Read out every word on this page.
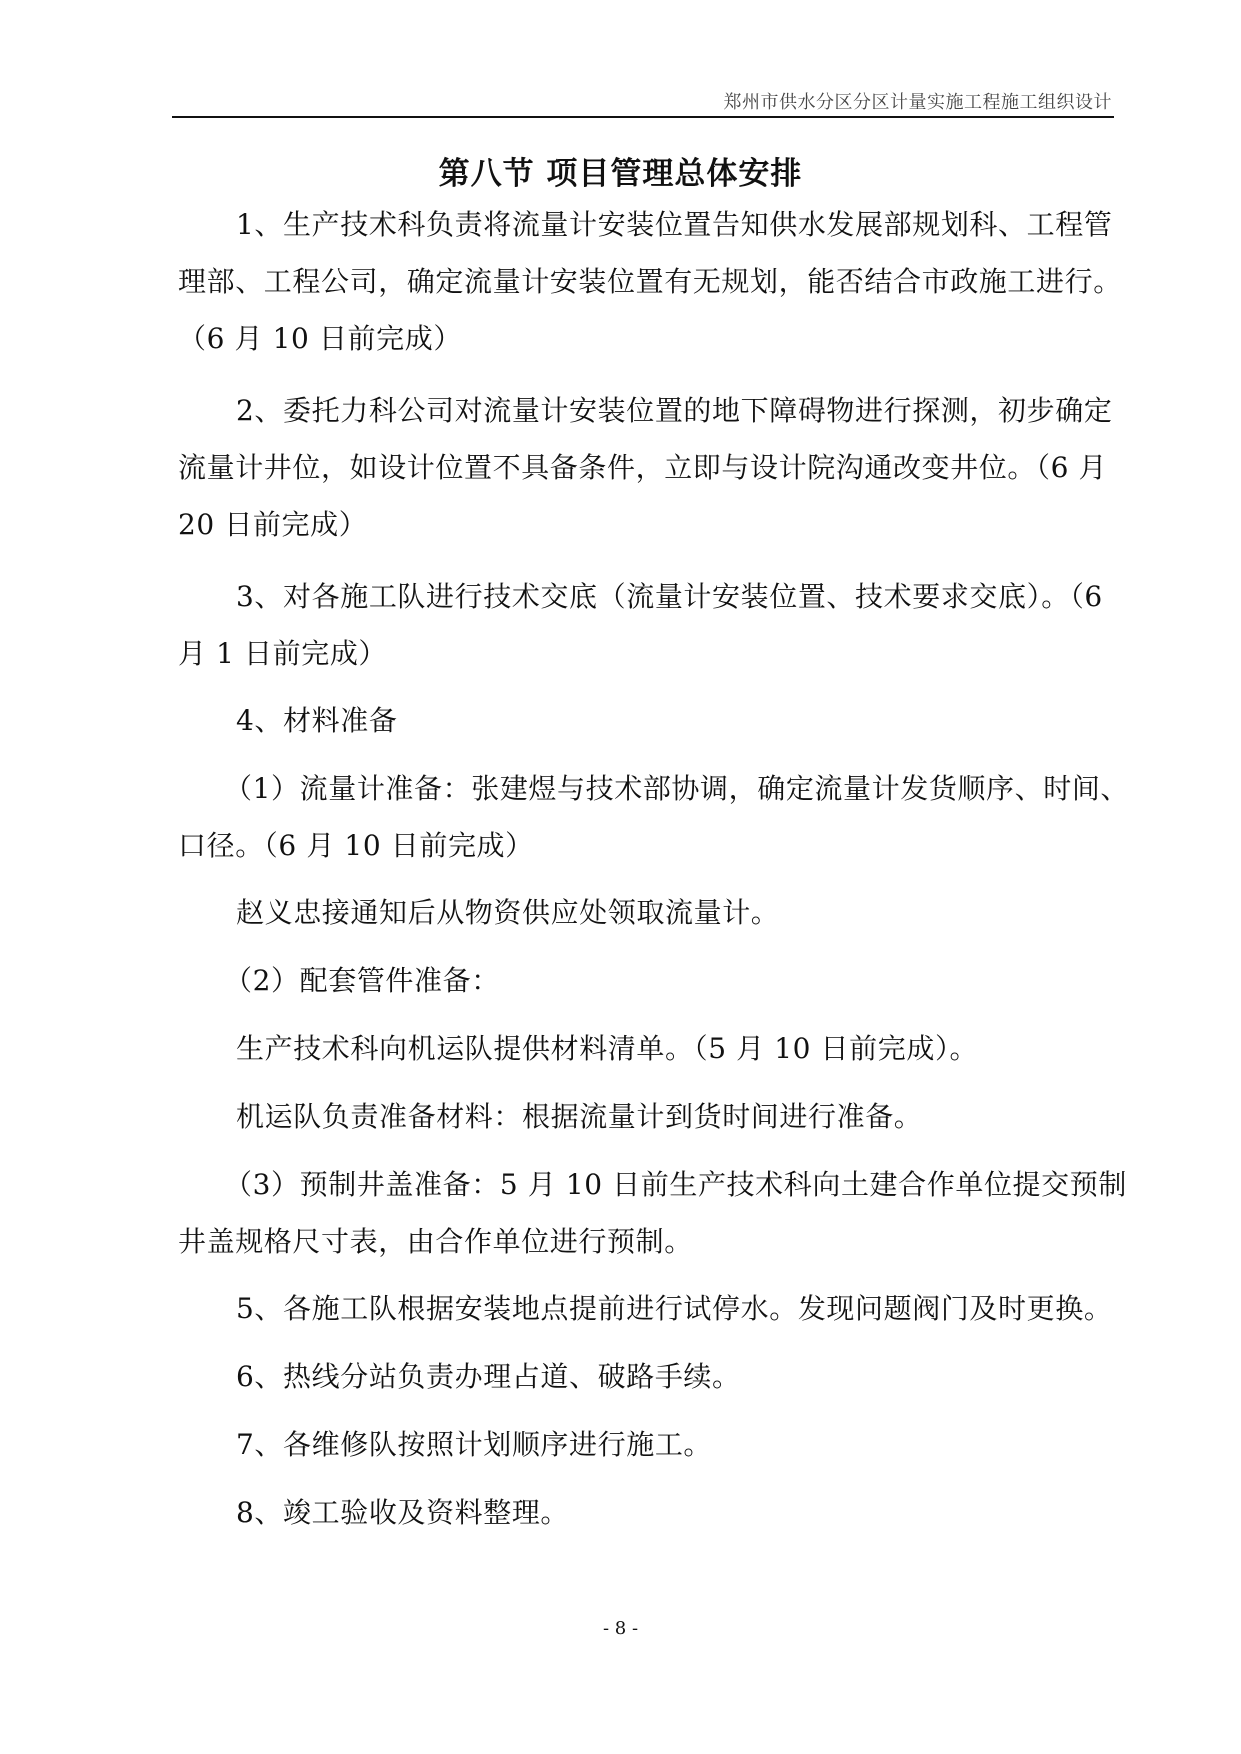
郑州市供水分区分区计量实施工程施工组织设计
第八节 项目管理总体安排

1、生产技术科负责将流量计安装位置告知供水发展部规划科、工程管
理部、工程公司，确定流量计安装位置有无规划，能否结合市政施工进行。
（6 月 10 日前完成）

2、委托力科公司对流量计安装位置的地下障碍物进行探测，初步确定
流量计井位，如设计位置不具备条件，立即与设计院沟通改变井位。（6 月
20 日前完成）

3、对各施工队进行技术交底（流量计安装位置、技术要求交底）。（6
月 1 日前完成）

4、材料准备

（1）流量计准备：张建煜与技术部协调，确定流量计发货顺序、时间、
口径。（6 月 10 日前完成）

赵义忠接通知后从物资供应处领取流量计。

（2）配套管件准备：

生产技术科向机运队提供材料清单。（5 月 10 日前完成）。

机运队负责准备材料：根据流量计到货时间进行准备。

（3）预制井盖准备：5 月 10 日前生产技术科向土建合作单位提交预制
井盖规格尺寸表，由合作单位进行预制。

5、各施工队根据安装地点提前进行试停水。发现问题阀门及时更换。

6、热线分站负责办理占道、破路手续。

7、各维修队按照计划顺序进行施工。

8、竣工验收及资料整理。

- 8 -
